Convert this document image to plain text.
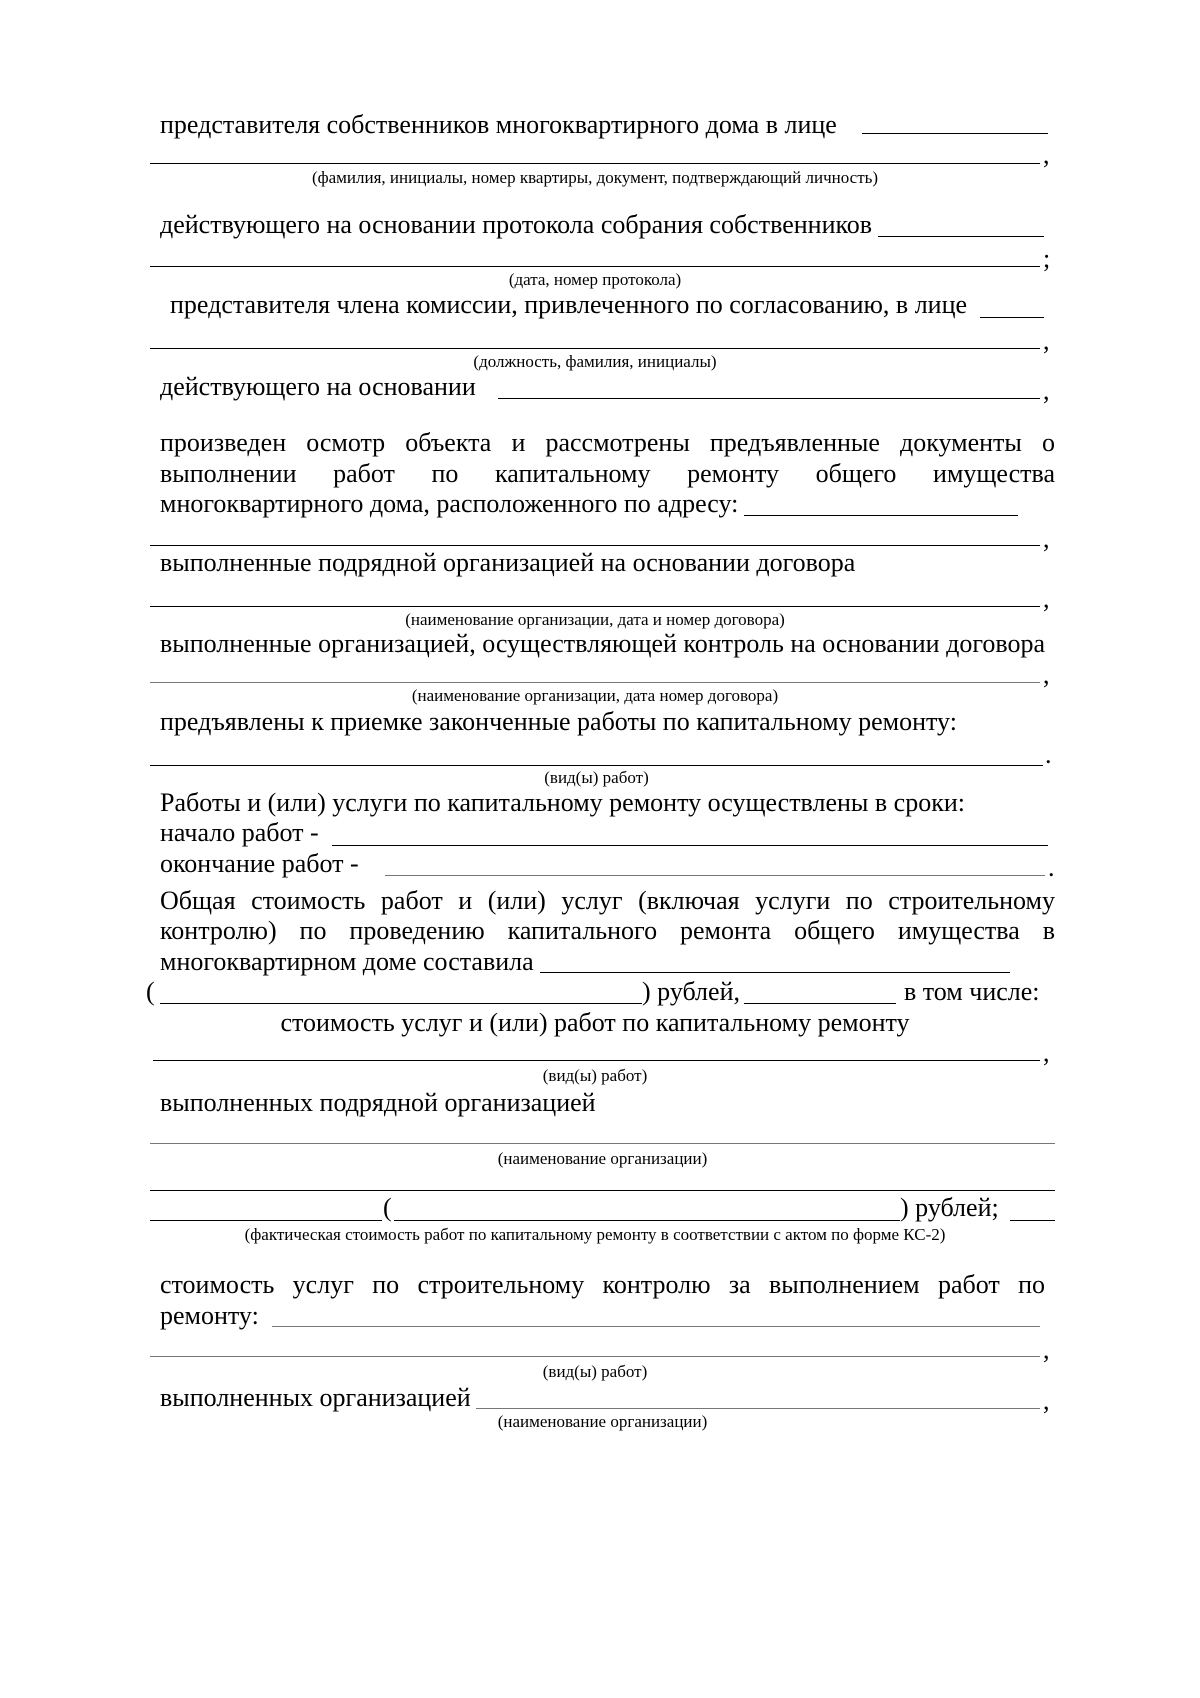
представителя собственников многоквартирного дома в лице
,
(фамилия, инициалы, номер квартиры, документ, подтверждающий личность)
действующего на основании протокола собрания собственников
;
(дата, номер протокола)
представителя члена комиссии, привлеченного по согласованию, в лице
,
(должность, фамилия, инициалы)
действующего на основании	,
произведен осмотр объекта и рассмотрены предъявленные документы о
выполнении работ по капитальному ремонту общего имущества
многоквартирного дома, расположенного по адресу:
,
выполненные подрядной организацией на основании договора
,
(наименование организации, дата и номер договора)
выполненные организацией, осуществляющей контроль на основании договора
,
(наименование организации, дата номер договора)
предъявлены к приемке законченные работы по капитальному ремонту:
.
(вид(ы) работ)
Работы и (или) услуги по капитальному ремонту осуществлены в сроки:
начало работ -
окончание работ -	.
Общая стоимость работ и (или) услуг (включая услуги по строительному
контролю) по проведению капитального ремонта общего имущества в
многоквартирном доме составила
(	) рублей,	в том числе:
стоимость услуг и (или) работ по капитальному ремонту
,
(вид(ы) работ)
выполненных подрядной организацией
(наименование организации)
(	) рублей;
(фактическая стоимость работ по капитальному ремонту в соответствии с актом по форме КС-2)
стоимость услуг по строительному контролю за выполнением работ по
ремонту:
,
(вид(ы) работ)
выполненных организацией	,
(наименование организации)
